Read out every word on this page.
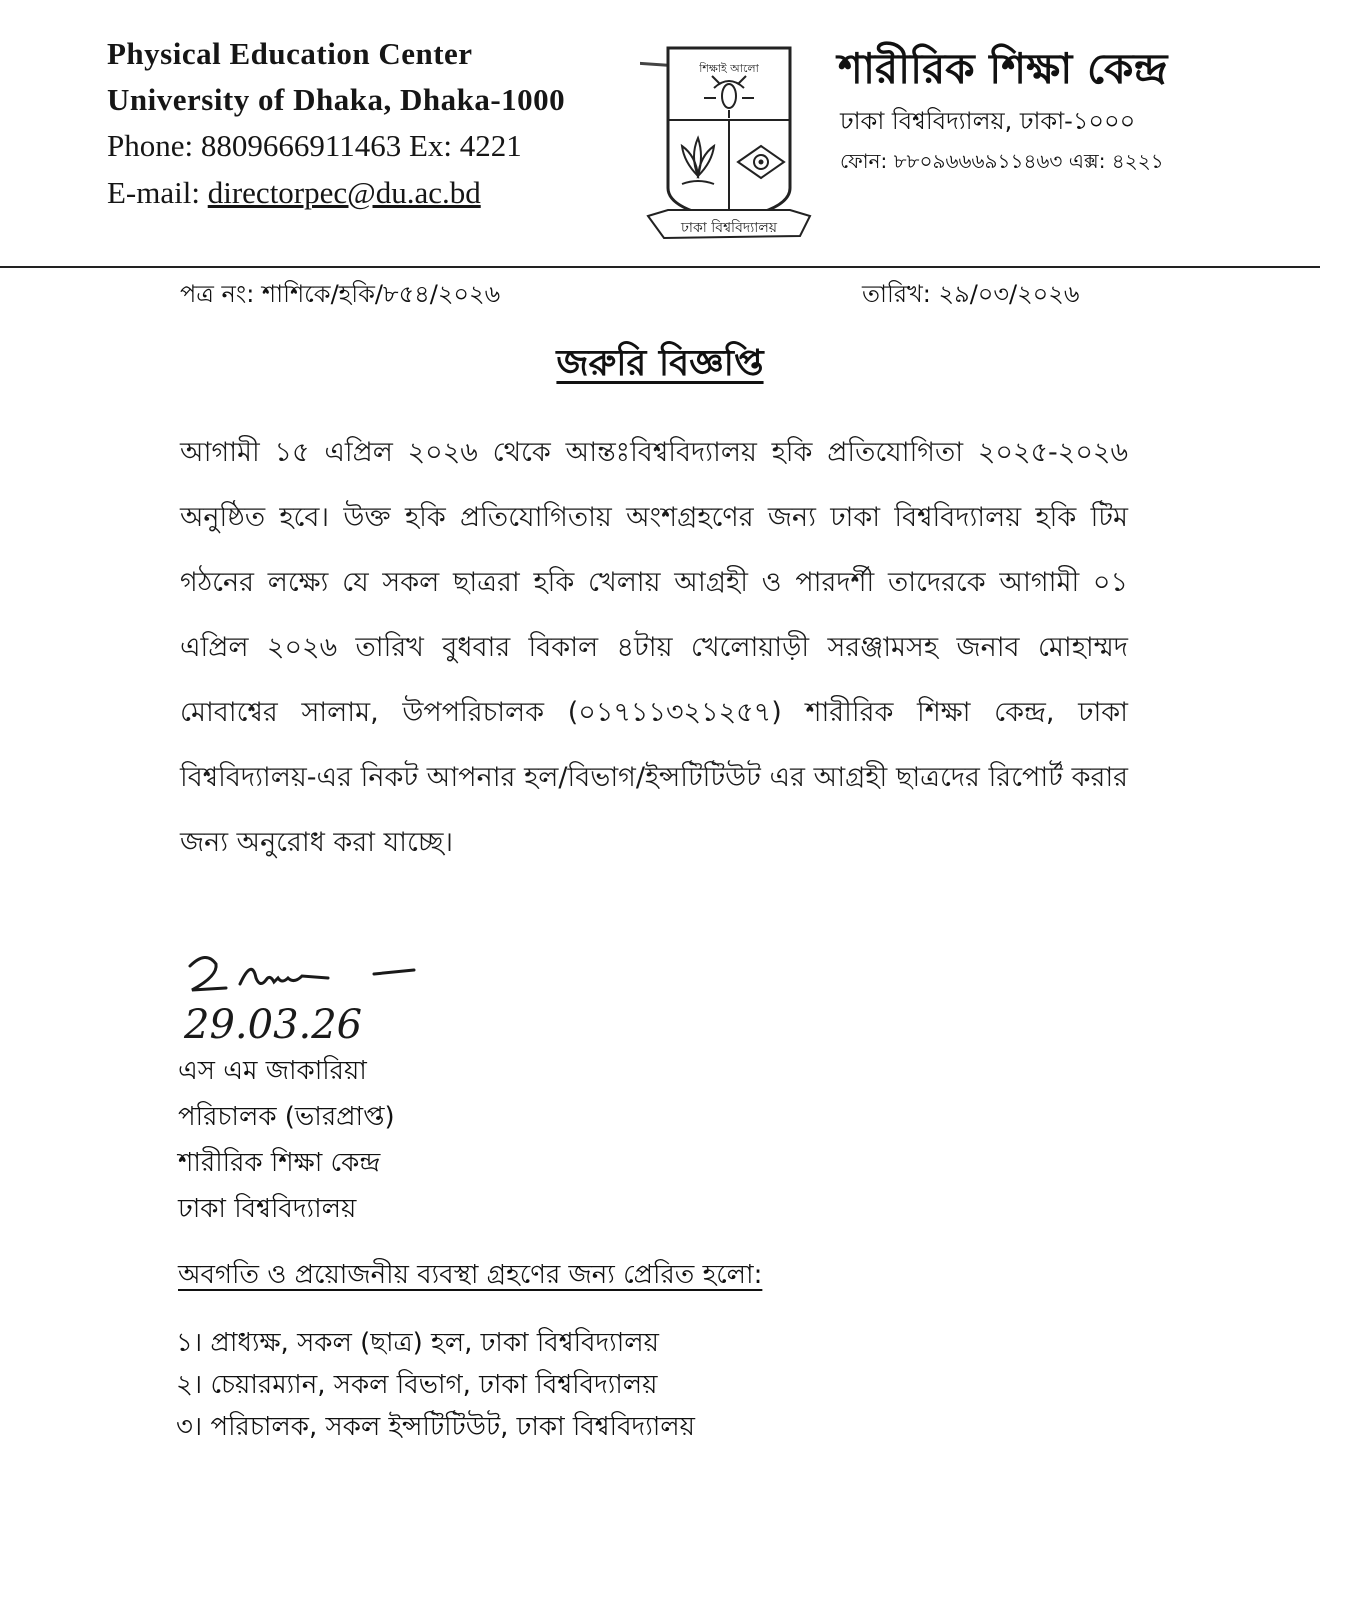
Physical Education Center
University of Dhaka, Dhaka-1000
Phone: 8809666911463 Ex: 4221
E-mail: directorpec@du.ac.bd
শিক্ষাই আলো
ঢাকা বিশ্ববিদ্যালয়
শারীরিক শিক্ষা কেন্দ্র
ঢাকা বিশ্ববিদ্যালয়, ঢাকা-১০০০
ফোন: ৮৮০৯৬৬৬৯১১৪৬৩ এক্স: ৪২২১
পত্র নং: শাশিকে/হকি/৮৫৪/২০২৬	তারিখ: ২৯/০৩/২০২৬
জরুরি বিজ্ঞপ্তি
আগামী ১৫ এপ্রিল ২০২৬ থেকে আন্তঃবিশ্ববিদ্যালয় হকি প্রতিযোগিতা ২০২৫-২০২৬ অনুষ্ঠিত হবে। উক্ত হকি প্রতিযোগিতায় অংশগ্রহণের জন্য ঢাকা বিশ্ববিদ্যালয় হকি টিম গঠনের লক্ষ্যে যে সকল ছাত্ররা হকি খেলায় আগ্রহী ও পারদর্শী তাদেরকে আগামী ০১ এপ্রিল ২০২৬ তারিখ বুধবার বিকাল ৪টায় খেলোয়াড়ী সরঞ্জামসহ জনাব মোহাম্মদ মোবাশ্বের সালাম, উপপরিচালক (০১৭১১৩২১২৫৭) শারীরিক শিক্ষা কেন্দ্র, ঢাকা বিশ্ববিদ্যালয়-এর নিকট আপনার হল/বিভাগ/ইন্সটিটিউট এর আগ্রহী ছাত্রদের রিপোর্ট করার জন্য অনুরোধ করা যাচ্ছে।
29.03.26
এস এম জাকারিয়া
পরিচালক (ভারপ্রাপ্ত)
শারীরিক শিক্ষা কেন্দ্র
ঢাকা বিশ্ববিদ্যালয়
অবগতি ও প্রয়োজনীয় ব্যবস্থা গ্রহণের জন্য প্রেরিত হলো:
১। প্রাধ্যক্ষ, সকল (ছাত্র) হল, ঢাকা বিশ্ববিদ্যালয়
২। চেয়ারম্যান, সকল বিভাগ, ঢাকা বিশ্ববিদ্যালয়
৩। পরিচালক, সকল ইন্সটিটিউট, ঢাকা বিশ্ববিদ্যালয়
